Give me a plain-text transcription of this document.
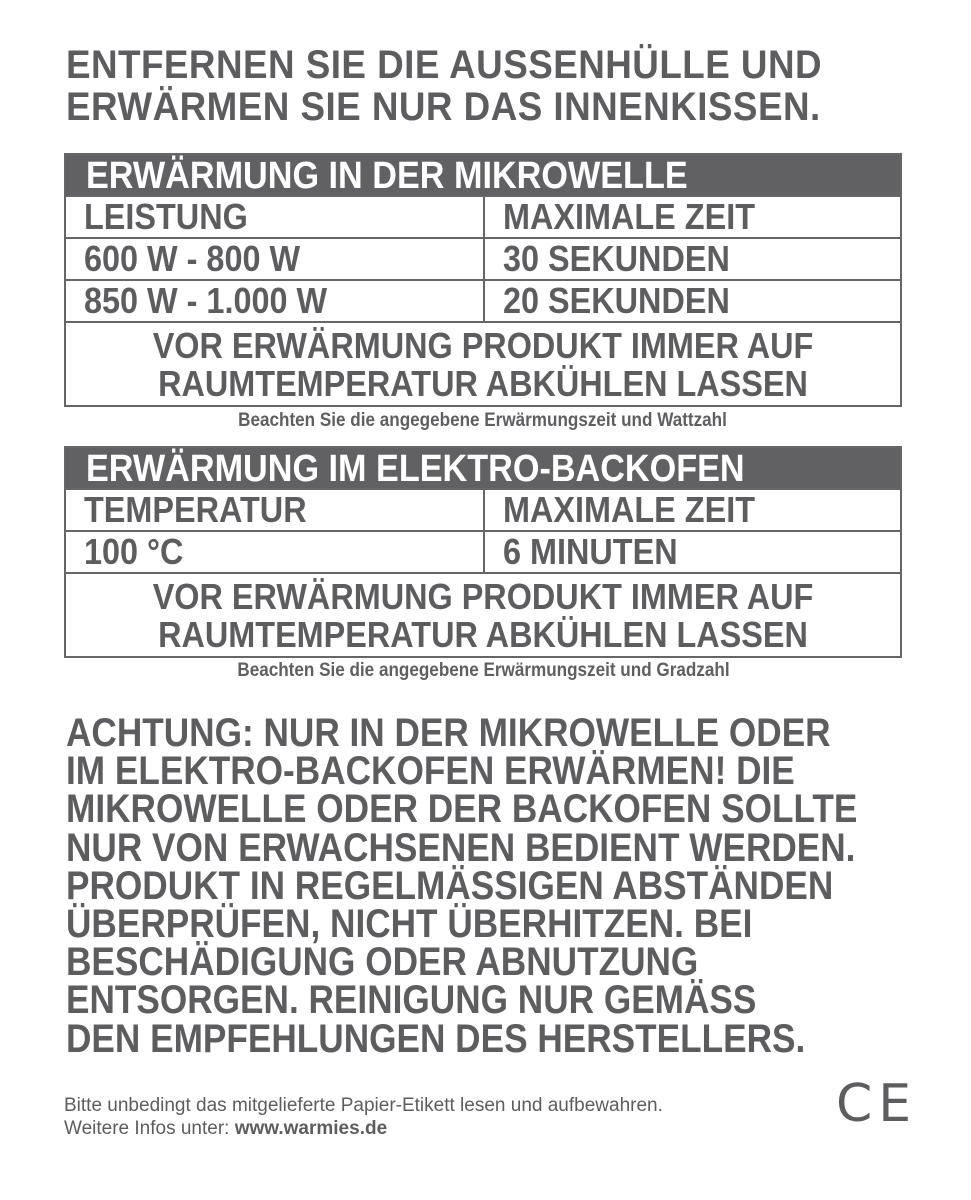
ENTFERNEN SIE DIE AUSSENHÜLLE UND
ERWÄRMEN SIE NUR DAS INNENKISSEN.
ERWÄRMUNG IN DER MIKROWELLE
LEISTUNG	MAXIMALE ZEIT
600 W - 800 W	30 SEKUNDEN
850 W - 1.000 W	20 SEKUNDEN
VOR ERWÄRMUNG PRODUKT IMMER AUF
RAUMTEMPERATUR ABKÜHLEN LASSEN
Beachten Sie die angegebene Erwärmungszeit und Wattzahl
ERWÄRMUNG IM ELEKTRO-BACKOFEN
TEMPERATUR	MAXIMALE ZEIT
100 °C	6 MINUTEN
VOR ERWÄRMUNG PRODUKT IMMER AUF
RAUMTEMPERATUR ABKÜHLEN LASSEN
Beachten Sie die angegebene Erwärmungszeit und Gradzahl
ACHTUNG: NUR IN DER MIKROWELLE ODER
IM ELEKTRO-BACKOFEN ERWÄRMEN! DIE
MIKROWELLE ODER DER BACKOFEN SOLLTE
NUR VON ERWACHSENEN BEDIENT WERDEN.
PRODUKT IN REGELMÄSSIGEN ABSTÄNDEN
ÜBERPRÜFEN, NICHT ÜBERHITZEN. BEI
BESCHÄDIGUNG ODER ABNUTZUNG
ENTSORGEN. REINIGUNG NUR GEMÄSS
DEN EMPFEHLUNGEN DES HERSTELLERS.
Bitte unbedingt das mitgelieferte Papier-Etikett lesen und aufbewahren.
Weitere Infos unter: www.warmies.de	CE
